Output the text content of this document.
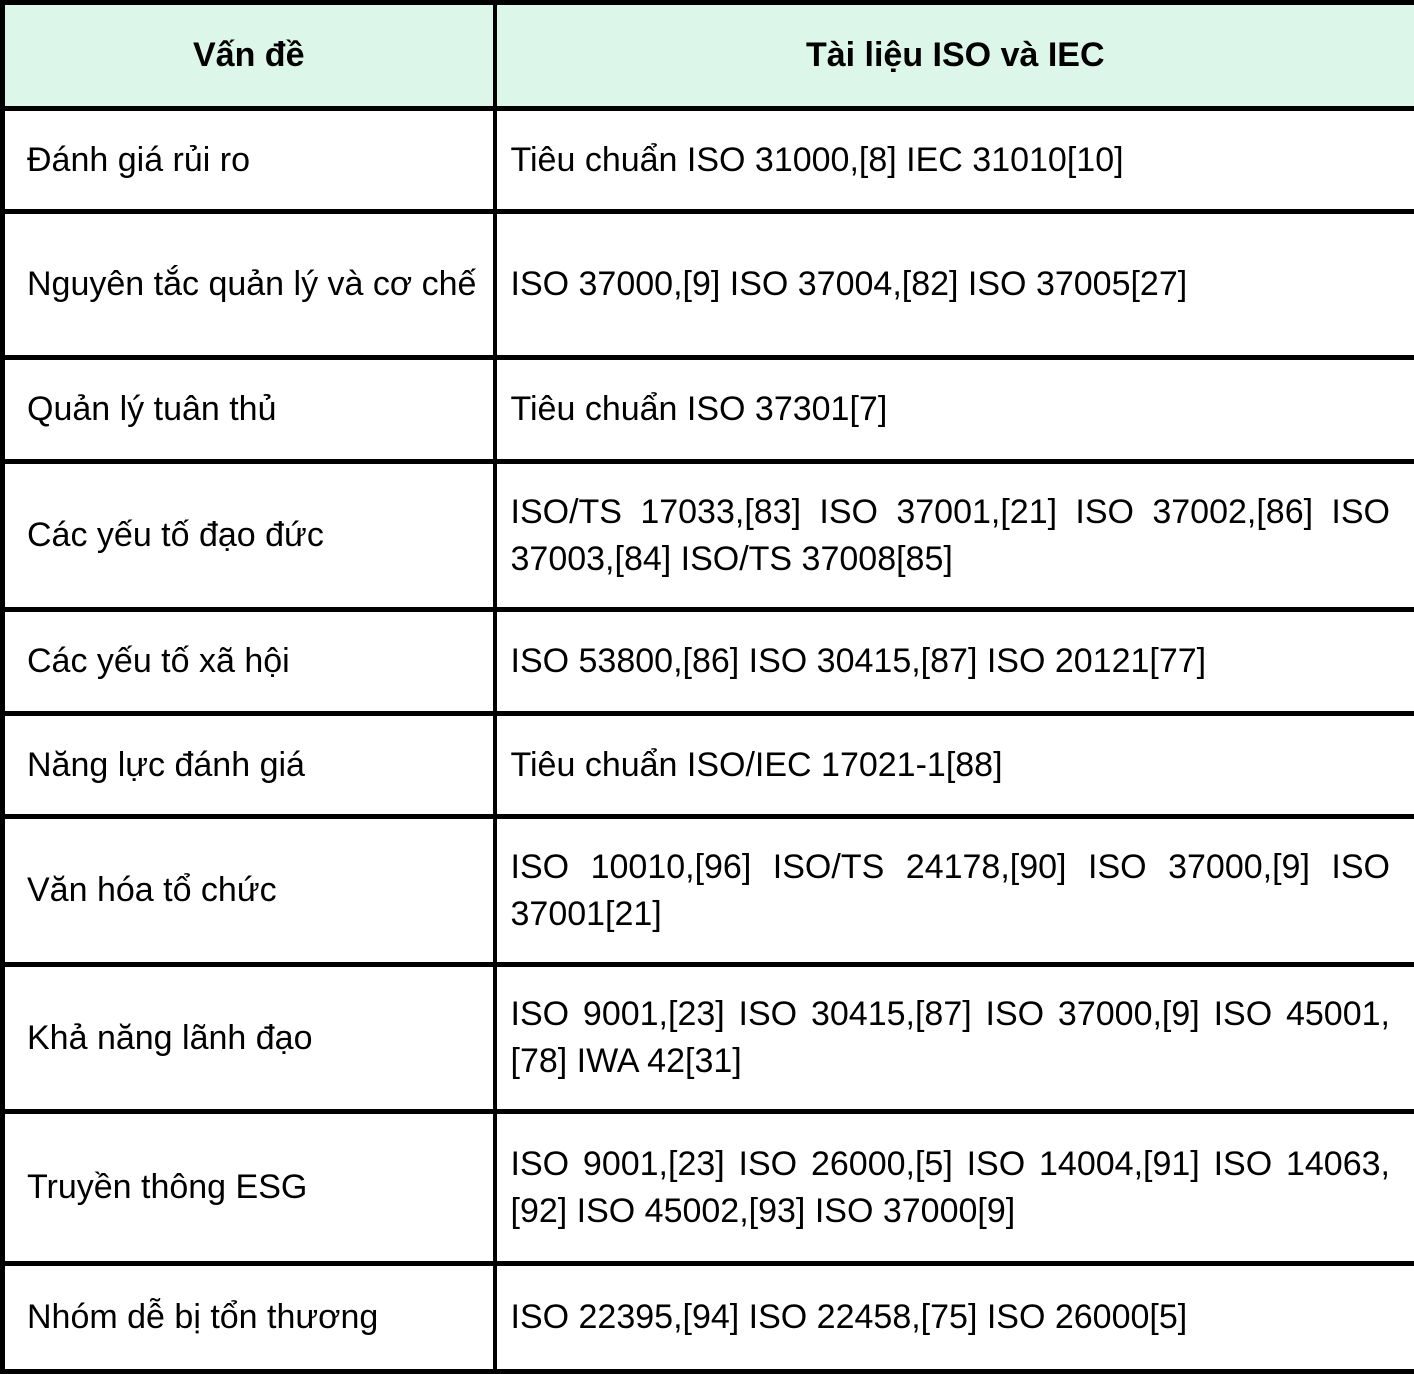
Vấn đề	Tài liệu ISO và IEC
Đánh giá rủi ro	Tiêu chuẩn ISO 31000,[8] IEC 31010[10]
Nguyên tắc quản lý và cơ chế	ISO 37000,[9] ISO 37004,[82] ISO 37005[27]
Quản lý tuân thủ	Tiêu chuẩn ISO 37301[7]
Các yếu tố đạo đức	ISO/TS 17033,[83] ISO 37001,[21] ISO 37002,[86] ISO 37003,[84] ISO/TS 37008[85]
Các yếu tố xã hội	ISO 53800,[86] ISO 30415,[87] ISO 20121[77]
Năng lực đánh giá	Tiêu chuẩn ISO/IEC 17021-1[88]
Văn hóa tổ chức	ISO 10010,[96] ISO/TS 24178,[90] ISO 37000,[9] ISO 37001[21]
Khả năng lãnh đạo	ISO 9001,[23] ISO 30415,[87] ISO 37000,[9] ISO 45001,[78] IWA 42[31]
Truyền thông ESG	ISO 9001,[23] ISO 26000,[5] ISO 14004,[91] ISO 14063,[92] ISO 45002,[93] ISO 37000[9]
Nhóm dễ bị tổn thương	ISO 22395,[94] ISO 22458,[75] ISO 26000[5]
